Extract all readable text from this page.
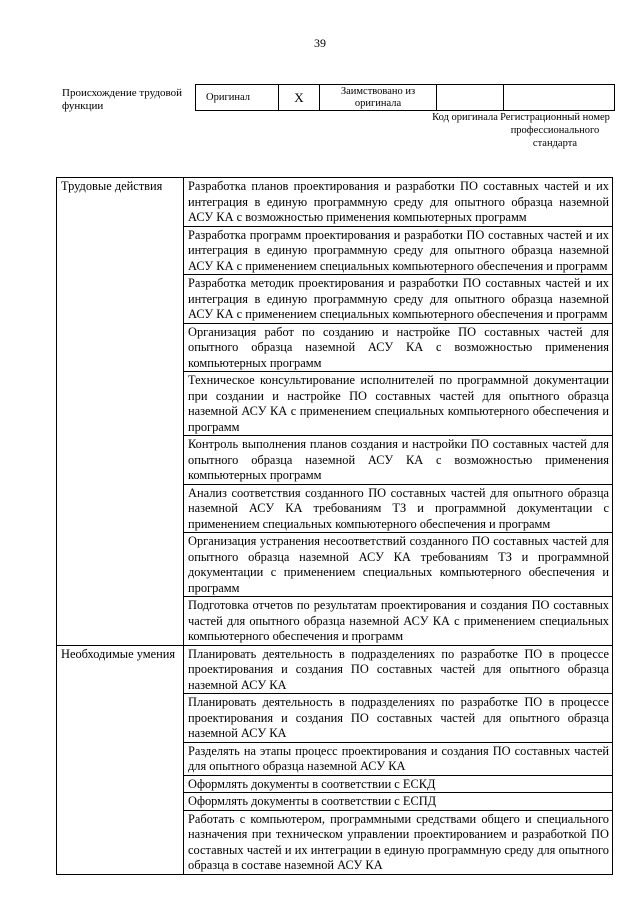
39
Происхождение трудовой функции
Оригинал	X	Заимствовано из оригинала		
Код оригинала Регистрационный номер профессионального стандарта
Трудовые действия	Разработка планов проектирования и разработки ПО составных частей и их интеграция в единую программную среду для опытного образца наземной АСУ КА с возможностью применения компьютерных программ
	Разработка программ проектирования и разработки ПО составных частей и их интеграция в единую программную среду для опытного образца наземной АСУ КА с применением специальных компьютерного обеспечения и программ
	Разработка методик проектирования и разработки ПО составных частей и их интеграция в единую программную среду для опытного образца наземной АСУ КА с применением специальных компьютерного обеспечения и программ
	Организация работ по созданию и настройке ПО составных частей для опытного образца наземной АСУ КА с возможностью применения компьютерных программ
	Техническое консультирование исполнителей по программной документации при создании и настройке ПО составных частей для опытного образца наземной АСУ КА с применением специальных компьютерного обеспечения и программ
	Контроль выполнения планов создания и настройки ПО составных частей для опытного образца наземной АСУ КА с возможностью применения компьютерных программ
	Анализ соответствия созданного ПО составных частей для опытного образца наземной АСУ КА требованиям ТЗ и программной документации с применением специальных компьютерного обеспечения и программ
	Организация устранения несоответствий созданного ПО составных частей для опытного образца наземной АСУ КА требованиям ТЗ и программной документации с применением специальных компьютерного обеспечения и программ
	Подготовка отчетов по результатам проектирования и создания ПО составных частей для опытного образца наземной АСУ КА с применением специальных компьютерного обеспечения и программ
Необходимые умения	Планировать деятельность в подразделениях по разработке ПО в процессе проектирования и создания ПО составных частей для опытного образца наземной АСУ КА
	Планировать деятельность в подразделениях по разработке ПО в процессе проектирования и создания ПО составных частей для опытного образца наземной АСУ КА
	Разделять на этапы процесс проектирования и создания ПО составных частей для опытного образца наземной АСУ КА
	Оформлять документы в соответствии с ЕСКД
	Оформлять документы в соответствии с ЕСПД
	Работать с компьютером, программными средствами общего и специального назначения при техническом управлении проектированием и разработкой ПО составных частей и их интеграции в единую программную среду для опытного образца в составе наземной АСУ КА
